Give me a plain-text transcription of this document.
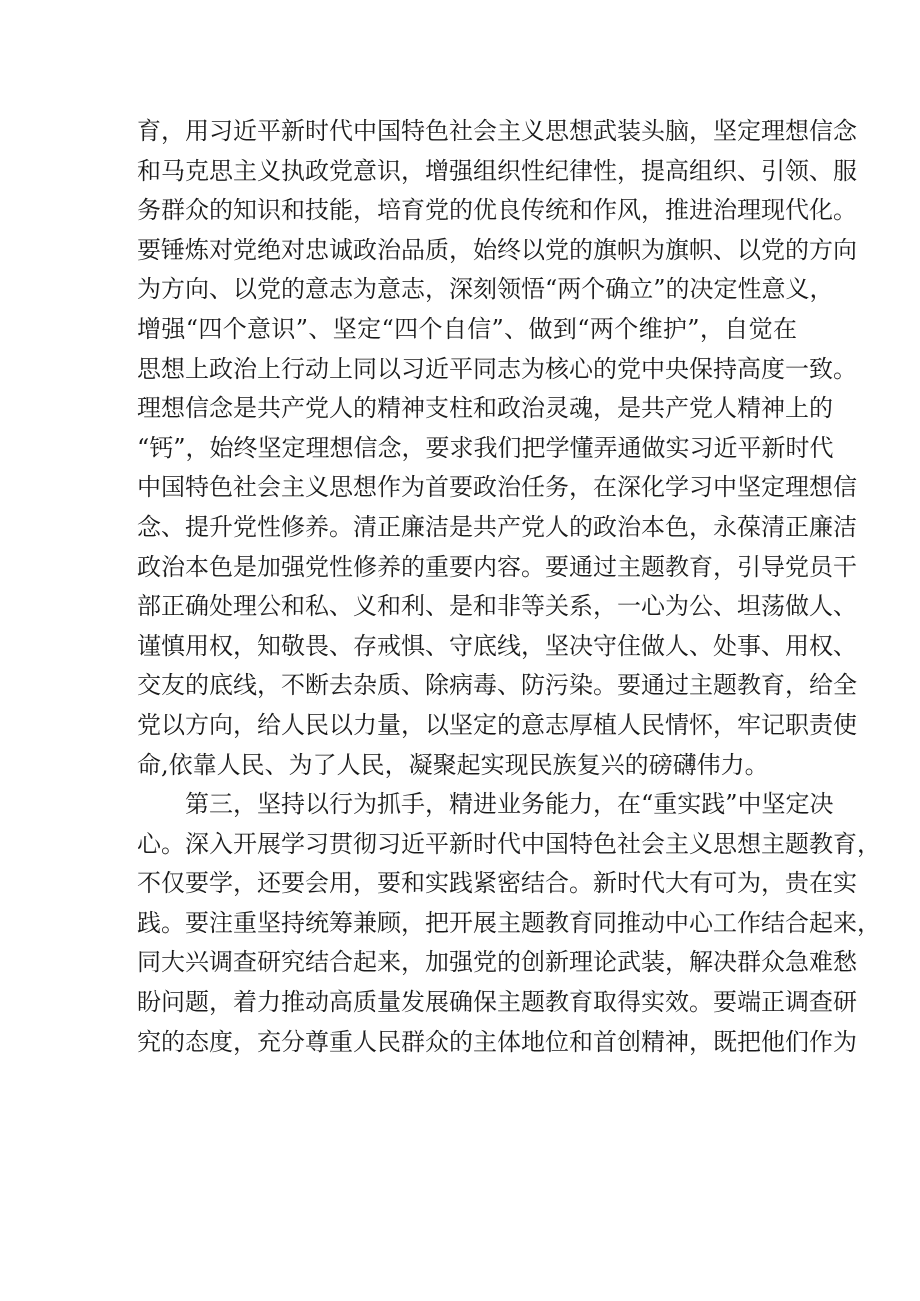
育，用习近平新时代中国特色社会主义思想武装头脑，坚定理想信念
和马克思主义执政党意识，增强组织性纪律性，提高组织、引领、服
务群众的知识和技能，培育党的优良传统和作风，推进治理现代化。
要锤炼对党绝对忠诚政治品质，始终以党的旗帜为旗帜、以党的方向
为方向、以党的意志为意志，深刻领悟“两个确立”的决定性意义，
增强“四个意识”、坚定“四个自信”、做到“两个维护”，自觉在
思想上政治上行动上同以习近平同志为核心的党中央保持高度一致。
理想信念是共产党人的精神支柱和政治灵魂，是共产党人精神上的
“钙”，始终坚定理想信念，要求我们把学懂弄通做实习近平新时代
中国特色社会主义思想作为首要政治任务，在深化学习中坚定理想信
念、提升党性修养。清正廉洁是共产党人的政治本色，永葆清正廉洁
政治本色是加强党性修养的重要内容。要通过主题教育，引导党员干
部正确处理公和私、义和利、是和非等关系，一心为公、坦荡做人、
谨慎用权，知敬畏、存戒惧、守底线，坚决守住做人、处事、用权、
交友的底线，不断去杂质、除病毒、防污染。要通过主题教育，给全
党以方向，给人民以力量，以坚定的意志厚植人民情怀，牢记职责使
命,依靠人民、为了人民，凝聚起实现民族复兴的磅礴伟力。
第三，坚持以行为抓手，精进业务能力，在“重实践”中坚定决
心。深入开展学习贯彻习近平新时代中国特色社会主义思想主题教育，
不仅要学，还要会用，要和实践紧密结合。新时代大有可为，贵在实
践。要注重坚持统筹兼顾，把开展主题教育同推动中心工作结合起来，
同大兴调查研究结合起来，加强党的创新理论武装，解决群众急难愁
盼问题，着力推动高质量发展确保主题教育取得实效。要端正调查研
究的态度，充分尊重人民群众的主体地位和首创精神，既把他们作为
